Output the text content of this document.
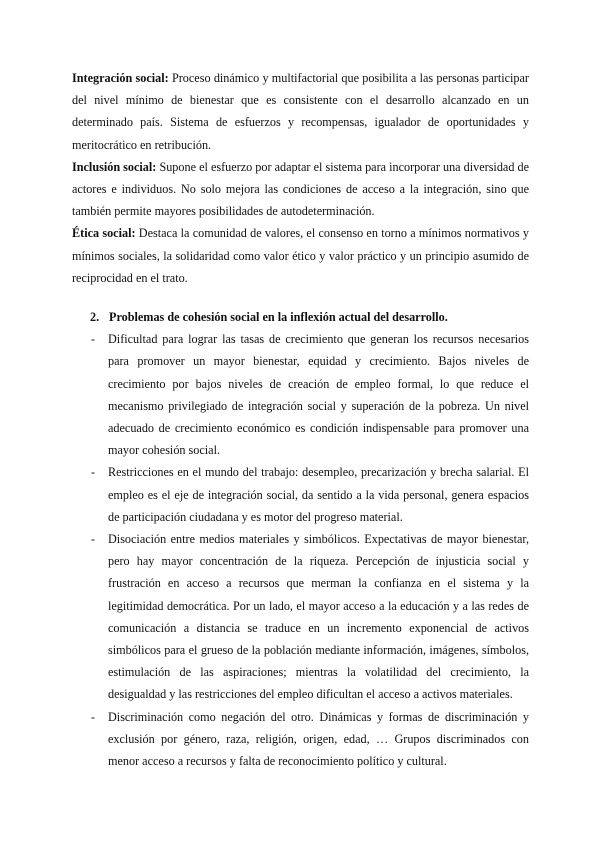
Integración social: Proceso dinámico y multifactorial que posibilita a las personas participar del nivel mínimo de bienestar que es consistente con el desarrollo alcanzado en un determinado país. Sistema de esfuerzos y recompensas, igualador de oportunidades y meritocrático en retribución.

Inclusión social: Supone el esfuerzo por adaptar el sistema para incorporar una diversidad de actores e individuos. No solo mejora las condiciones de acceso a la integración, sino que también permite mayores posibilidades de autodeterminación.

Ética social: Destaca la comunidad de valores, el consenso en torno a mínimos normativos y mínimos sociales, la solidaridad como valor ético y valor práctico y un principio asumido de reciprocidad en el trato.

2. Problemas de cohesión social en la inflexión actual del desarrollo.
- Dificultad para lograr las tasas de crecimiento que generan los recursos necesarios para promover un mayor bienestar, equidad y crecimiento. Bajos niveles de crecimiento por bajos niveles de creación de empleo formal, lo que reduce el mecanismo privilegiado de integración social y superación de la pobreza. Un nivel adecuado de crecimiento económico es condición indispensable para promover una mayor cohesión social.
- Restricciones en el mundo del trabajo: desempleo, precarización y brecha salarial. El empleo es el eje de integración social, da sentido a la vida personal, genera espacios de participación ciudadana y es motor del progreso material.
- Disociación entre medios materiales y simbólicos. Expectativas de mayor bienestar, pero hay mayor concentración de la riqueza. Percepción de injusticia social y frustración en acceso a recursos que merman la confianza en el sistema y la legitimidad democrática. Por un lado, el mayor acceso a la educación y a las redes de comunicación a distancia se traduce en un incremento exponencial de activos simbólicos para el grueso de la población mediante información, imágenes, símbolos, estimulación de las aspiraciones; mientras la volatilidad del crecimiento, la desigualdad y las restricciones del empleo dificultan el acceso a activos materiales.
- Discriminación como negación del otro. Dinámicas y formas de discriminación y exclusión por género, raza, religión, origen, edad, … Grupos discriminados con menor acceso a recursos y falta de reconocimiento político y cultural.
